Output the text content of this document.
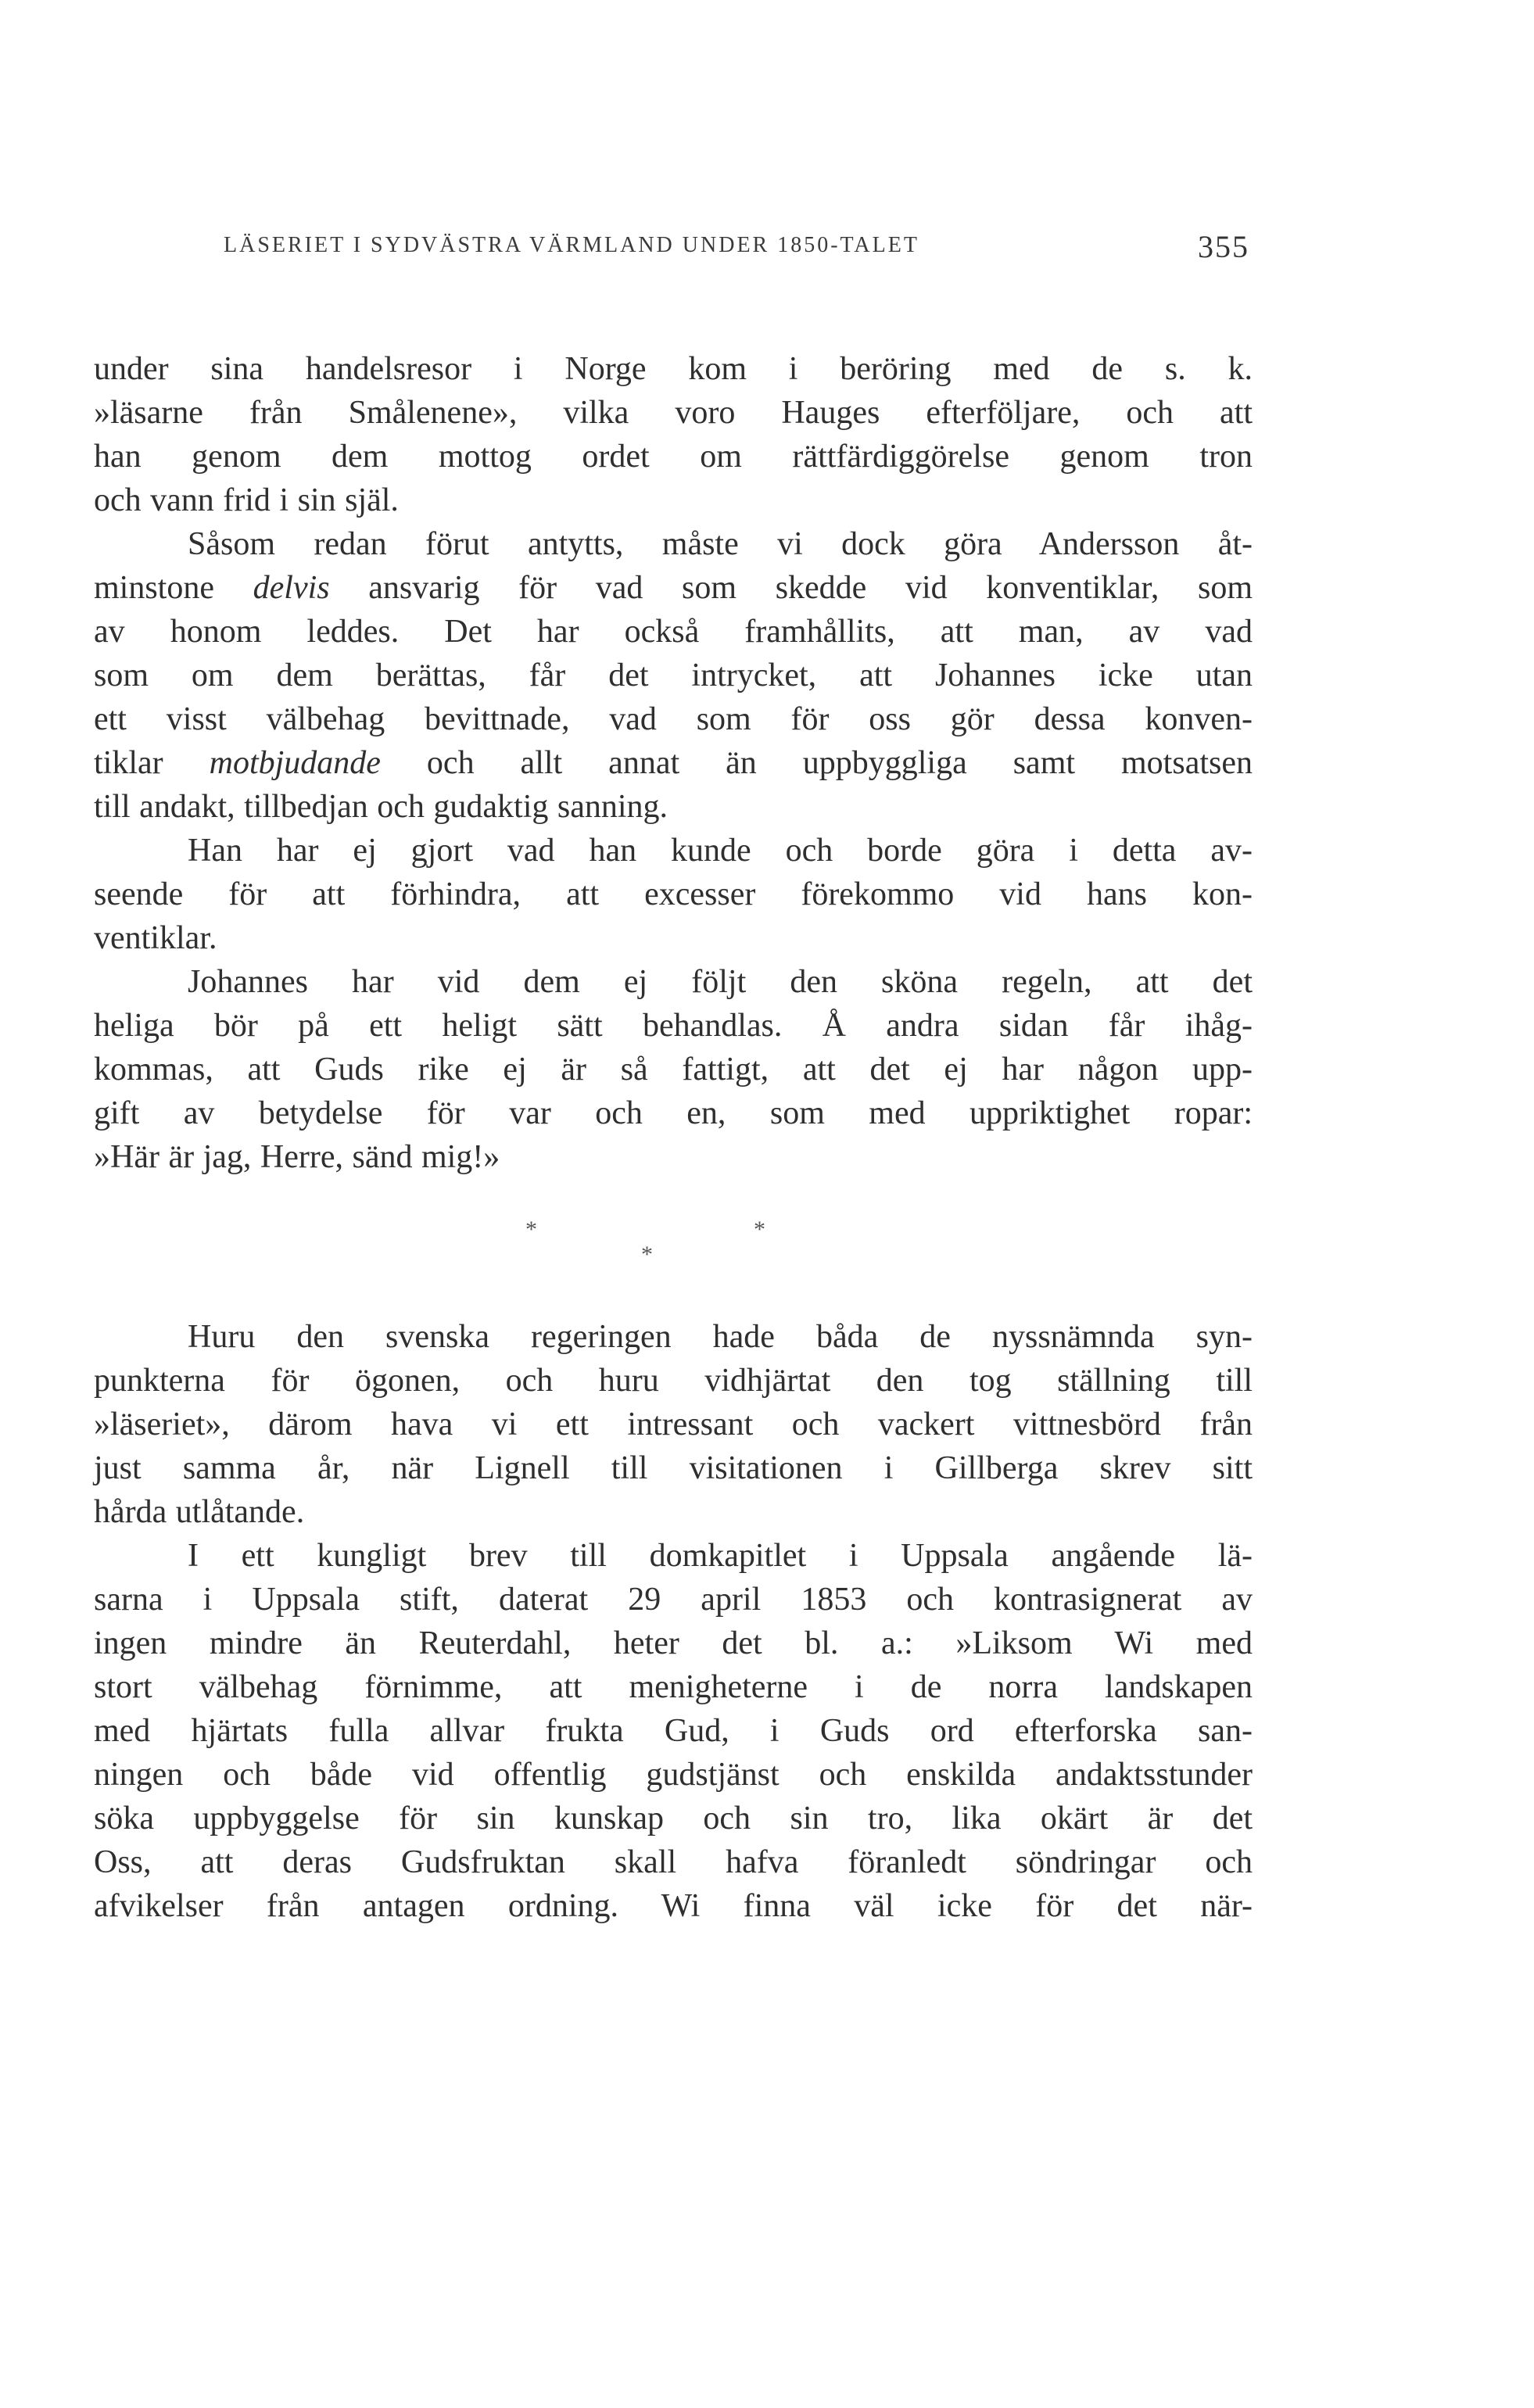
LÄSERIET I SYDVÄSTRA VÄRMLAND UNDER 1850-TALET	355
under sina handelsresor i Norge kom i beröring med de s. k.
»läsarne från Smålenene», vilka voro Hauges efterföljare, och att
han genom dem mottog ordet om rättfärdiggörelse genom tron
och vann frid i sin själ.
Såsom redan förut antytts, måste vi dock göra Andersson åt-
minstone delvis ansvarig för vad som skedde vid konventiklar, som
av honom leddes. Det har också framhållits, att man, av vad
som om dem berättas, får det intrycket, att Johannes icke utan
ett visst välbehag bevittnade, vad som för oss gör dessa konven-
tiklar motbjudande och allt annat än uppbyggliga samt motsatsen
till andakt, tillbedjan och gudaktig sanning.
Han har ej gjort vad han kunde och borde göra i detta av-
seende för att förhindra, att excesser förekommo vid hans kon-
ventiklar.
Johannes har vid dem ej följt den sköna regeln, att det
heliga bör på ett heligt sätt behandlas. Å andra sidan får ihåg-
kommas, att Guds rike ej är så fattigt, att det ej har någon upp-
gift av betydelse för var och en, som med uppriktighet ropar:
»Här är jag, Herre, sänd mig!»
*	*
*
Huru den svenska regeringen hade båda de nyssnämnda syn-
punkterna för ögonen, och huru vidhjärtat den tog ställning till
»läseriet», därom hava vi ett intressant och vackert vittnesbörd från
just samma år, när Lignell till visitationen i Gillberga skrev sitt
hårda utlåtande.
I ett kungligt brev till domkapitlet i Uppsala angående lä-
sarna i Uppsala stift, daterat 29 april 1853 och kontrasignerat av
ingen mindre än Reuterdahl, heter det bl. a.: »Liksom Wi med
stort välbehag förnimme, att menigheterne i de norra landskapen
med hjärtats fulla allvar frukta Gud, i Guds ord efterforska san-
ningen och både vid offentlig gudstjänst och enskilda andaktsstunder
söka uppbyggelse för sin kunskap och sin tro, lika okärt är det
Oss, att deras Gudsfruktan skall hafva föranledt söndringar och
afvikelser från antagen ordning. Wi finna väl icke för det när-
